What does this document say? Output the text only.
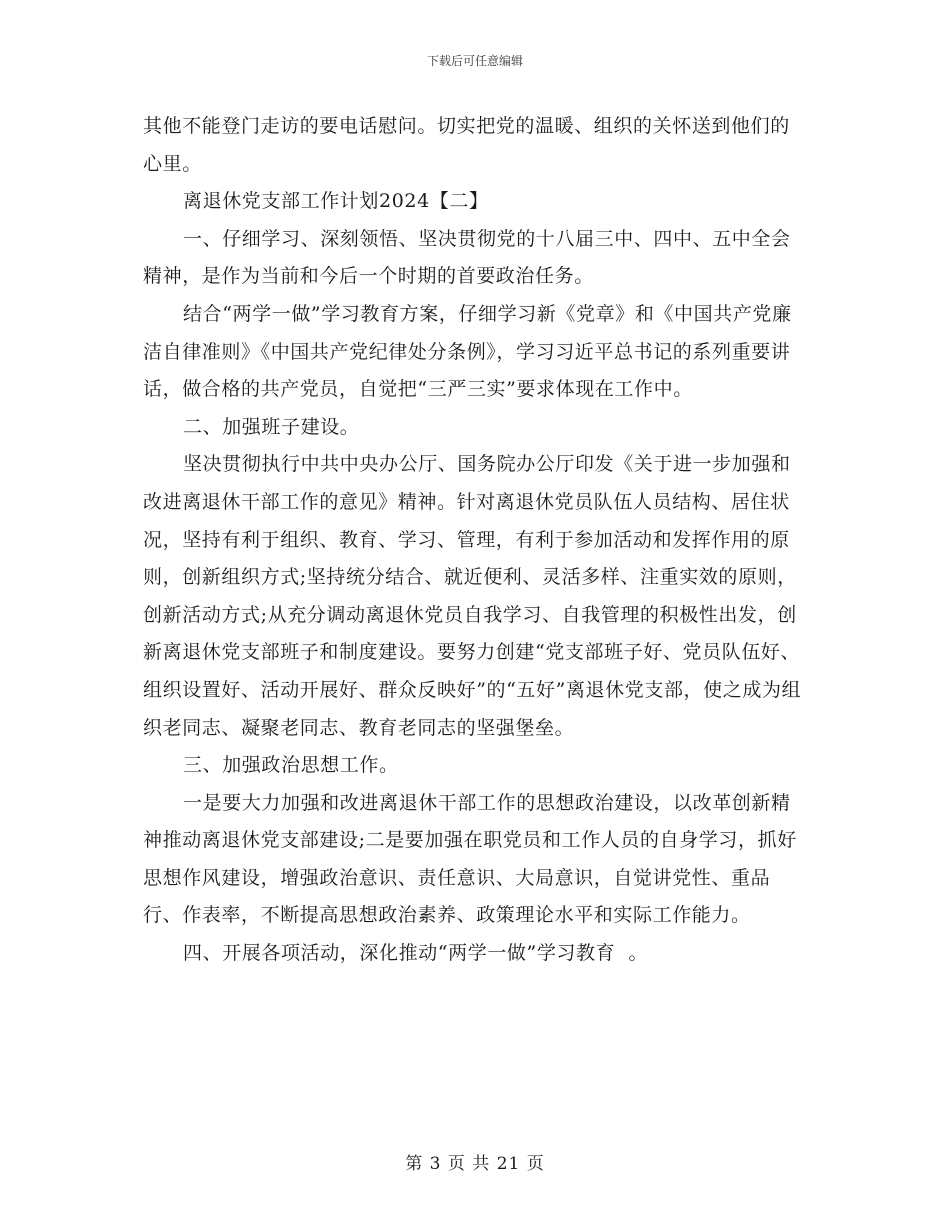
下载后可任意编辑

其他不能登门走访的要电话慰问。切实把党的温暖、组织的关怀送到他们的心里。

离退休党支部工作计划2024【二】

一、仔细学习、深刻领悟、坚决贯彻党的十八届三中、四中、五中全会精神，是作为当前和今后一个时期的首要政治任务。

结合“两学一做”学习教育方案，仔细学习新《党章》和《中国共产党廉洁自律准则》《中国共产党纪律处分条例》，学习习近平总书记的系列重要讲话，做合格的共产党员，自觉把“三严三实”要求体现在工作中。

二、加强班子建设。

坚决贯彻执行中共中央办公厅、国务院办公厅印发《关于进一步加强和改进离退休干部工作的意见》精神。针对离退休党员队伍人员结构、居住状况，坚持有利于组织、教育、学习、管理，有利于参加活动和发挥作用的原则，创新组织方式;坚持统分结合、就近便利、灵活多样、注重实效的原则，创新活动方式;从充分调动离退休党员自我学习、自我管理的积极性出发，创新离退休党支部班子和制度建设。要努力创建“党支部班子好、党员队伍好、组织设置好、活动开展好、群众反映好”的“五好”离退休党支部，使之成为组织老同志、凝聚老同志、教育老同志的坚强堡垒。

三、加强政治思想工作。

一是要大力加强和改进离退休干部工作的思想政治建设，以改革创新精神推动离退休党支部建设;二是要加强在职党员和工作人员的自身学习，抓好思想作风建设，增强政治意识、责任意识、大局意识，自觉讲党性、重品行、作表率，不断提高思想政治素养、政策理论水平和实际工作能力。

四、开展各项活动，深化推动“两学一做”学习教育  。

第 3 页 共 21 页
